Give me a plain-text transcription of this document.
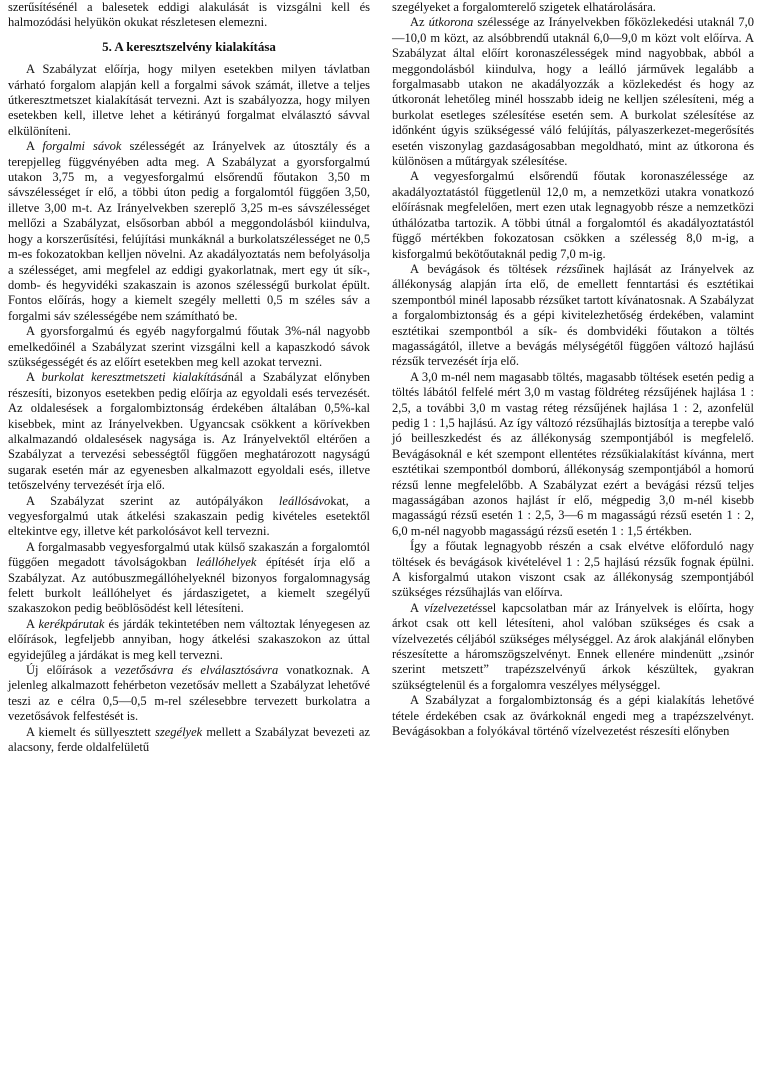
szerűsítésénél a balesetek eddigi alakulását is vizsgálni kell és halmozódási helyükön okukat részletesen elemezni.

5. A keresztszelvény kialakítása

A Szabályzat előírja, hogy milyen esetekben milyen távlatban várható forgalom alapján kell a forgalmi sávok számát, illetve a teljes útkeresztmetszet kialakítását tervezni. Azt is szabályozza, hogy milyen esetekben kell, illetve lehet a kétirányú forgalmat elválasztó sávval elkülöníteni.

A forgalmi sávok szélességét az Irányelvek az útosztály és a terepjelleg függvényében adta meg. A Szabályzat a gyorsforgalmú utakon 3,75 m, a vegyesforgalmú elsőrendű főutakon 3,50 m sávszélességet ír elő, a többi úton pedig a forgalomtól függően 3,50, illetve 3,00 m-t. Az Irányelvekben szereplő 3,25 m-es sávszélességet mellőzi a Szabályzat, elsősorban abból a meggondolásból kiindulva, hogy a korszerűsítési, felújítási munkáknál a burkolatszélességet ne 0,5 m-es fokozatokban kelljen növelni. Az akadályoztatás nem befolyásolja a szélességet, ami megfelel az eddigi gyakorlatnak, mert egy út sík-, domb- és hegyvidéki szakaszain is azonos szélességű burkolat épült. Fontos előírás, hogy a kiemelt szegély melletti 0,5 m széles sáv a forgalmi sáv szélességébe nem számítható be.

A gyorsforgalmú és egyéb nagyforgalmú főutak 3%-nál nagyobb emelkedőinél a Szabályzat szerint vizsgálni kell a kapaszkodó sávok szükségességét és az előírt esetekben meg kell azokat tervezni.

A burkolat keresztmetszeti kialakításánál a Szabályzat előnyben részesíti, bizonyos esetekben pedig előírja az egyoldali esés tervezését. Az oldalesések a forgalombiztonság érdekében általában 0,5%-kal kisebbek, mint az Irányelvekben. Ugyancsak csökkent a körívekben alkalmazandó oldalesések nagysága is. Az Irányelvektől eltérően a Szabályzat a tervezési sebességtől függően meghatározott nagyságú sugarak esetén már az egyenesben alkalmazott egyoldali esés, illetve tetőszelvény tervezését írja elő.

A Szabályzat szerint az autópályákon leállósávokat, a vegyesforgalmú utak átkelési szakaszain pedig kivételes esetektől eltekintve egy, illetve két parkolósávot kell tervezni.

A forgalmasabb vegyesforgalmú utak külső szakaszán a forgalomtól függően megadott távolságokban leállóhelyek építését írja elő a Szabályzat. Az autóbuszmegállóhelyeknél bizonyos forgalomnagyság felett burkolt leállóhelyet és járdaszigetet, a kiemelt szegélyű szakaszokon pedig beöblösödést kell létesíteni.

A kerékpárutak és járdák tekintetében nem változtak lényegesen az előírások, legfeljebb annyiban, hogy átkelési szakaszokon az úttal egyidejűleg a járdákat is meg kell tervezni.

Új előírások a vezetősávra és elválasztósávra vonatkoznak. A jelenleg alkalmazott fehérbeton vezetősáv mellett a Szabályzat lehetővé teszi az e célra 0,5—0,5 m-rel szélesebbre tervezett burkolatra a vezetősávok felfestését is.

A kiemelt és süllyesztett szegélyek mellett a Szabályzat bevezeti az alacsony, ferde oldalfelületű

szegélyeket a forgalomterelő szigetek elhatárolására.

Az útkorona szélessége az Irányelvekben főközlekedési utaknál 7,0—10,0 m közt, az alsóbbrendű utaknál 6,0—9,0 m közt volt előírva. A Szabályzat által előírt koronaszélességek mind nagyobbak, abból a meggondolásból kiindulva, hogy a leálló járművek legalább a forgalmasabb utakon ne akadályozzák a közlekedést és hogy az útkoronát lehetőleg minél hosszabb ideig ne kelljen szélesíteni, még a burkolat esetleges szélesítése esetén sem. A burkolat szélesítése az időnként úgyis szükségessé váló felújítás, pályaszerkezet-megerősítés esetén viszonylag gazdaságosabban megoldható, mint az útkorona és különösen a műtárgyak szélesítése.

A vegyesforgalmú elsőrendű főutak koronaszélessége az akadályoztatástól függetlenül 12,0 m, a nemzetközi utakra vonatkozó előírásnak megfelelően, mert ezen utak legnagyobb része a nemzetközi úthálózatba tartozik. A többi útnál a forgalomtól és akadályoztatástól függő mértékben fokozatosan csökken a szélesség 8,0 m-ig, a kisforgalmú bekötőutaknál pedig 7,0 m-ig.

A bevágások és töltések rézsűinek hajlását az Irányelvek az állékonyság alapján írta elő, de emellett fenntartási és esztétikai szempontból minél laposabb rézsűket tartott kívánatosnak. A Szabályzat a forgalombiztonság és a gépi kivitelezhetőség érdekében, valamint esztétikai szempontból a sík- és dombvidéki főutakon a töltés magasságától, illetve a bevágás mélységétől függően változó hajlású rézsűk tervezését írja elő.

A 3,0 m-nél nem magasabb töltés, magasabb töltések esetén pedig a töltés lábától felfelé mért 3,0 m vastag földréteg rézsűjének hajlása 1 : 2,5, a további 3,0 m vastag réteg rézsűjének hajlása 1 : 2, azonfelül pedig 1 : 1,5 hajlású. Az így változó rézsűhajlás biztosítja a terepbe való jó beilleszkedést és az állékonyság szempontjából is megfelelő. Bevágásoknál e két szempont ellentétes rézsűkialakítást kívánna, mert esztétikai szempontból domború, állékonyság szempontjából a homorú rézsű lenne megfelelőbb. A Szabályzat ezért a bevágási rézsű teljes magasságában azonos hajlást ír elő, mégpedig 3,0 m-nél kisebb magasságú rézsű esetén 1 : 2,5, 3—6 m magasságú rézsű esetén 1 : 2, 6,0 m-nél nagyobb magasságú rézsű esetén 1 : 1,5 értékben.

Így a főutak legnagyobb részén a csak elvétve előforduló nagy töltések és bevágások kivételével 1 : 2,5 hajlású rézsűk fognak épülni. A kisforgalmú utakon viszont csak az állékonyság szempontjából szükséges rézsűhajlás van előírva.

A vízelvezetéssel kapcsolatban már az Irányelvek is előírta, hogy árkot csak ott kell létesíteni, ahol valóban szükséges és csak a vízelvezetés céljából szükséges mélységgel. Az árok alakjánál előnyben részesítette a háromszögszelvényt. Ennek ellenére mindenütt „zsinór szerint metszett” trapézszelvényű árkok készültek, gyakran szükségtelenül és a forgalomra veszélyes mélységgel.

A Szabályzat a forgalombiztonság és a gépi kialakítás lehetővé tétele érdekében csak az övárkoknál engedi meg a trapézszelvényt. Bevágásokban a folyókával történő vízelvezetést részesíti előnyben
